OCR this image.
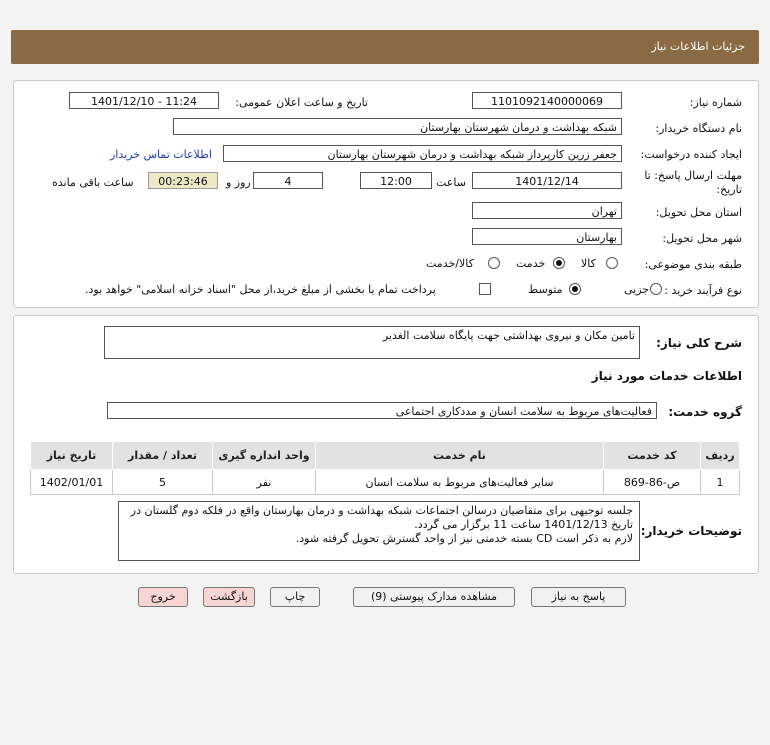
جزئیات اطلاعات نیاز
شماره نیاز:
1101092140000069
تاریخ و ساعت اعلان عمومی:
1401/12/10 - 11:24
نام دستگاه خریدار:
شبکه بهداشت و درمان شهرستان بهارستان
ایجاد کننده درخواست:
جعفر زرین کارپرداز شبکه بهداشت و درمان شهرستان بهارستان
اطلاعات تماس خریدار
مهلت ارسال پاسخ: تا
تاریخ:
1401/12/14
ساعت
12:00
4
روز و
00:23:46
ساعت باقی مانده
استان محل تحویل:
تهران
شهر محل تحویل:
بهارستان
طبقه بندی موضوعی:
کالا
خدمت
کالا/خدمت
نوع فرآیند خرید :
جزیی
متوسط
پرداخت تمام یا بخشی از مبلغ خرید،از محل "اسناد خزانه اسلامی" خواهد بود.
شرح کلی نیاز:
تامین مکان و نیروی بهداشتی جهت پایگاه سلامت الغدیر
اطلاعات خدمات مورد نیاز
گروه خدمت:
فعالیت‌های مربوط به سلامت انسان و مددکاری اجتماعی
ردیف	کد خدمت	نام خدمت	واحد اندازه گیری	تعداد / مقدار	تاریخ نیاز
1	ص-86-869	سایر فعالیت‌های مربوط به سلامت انسان	نفر	5	1402/01/01
توضیحات خریدار:
جلسه توجیهی برای متقاضیان درسالن اجتماعات شبکه بهداشت و درمان بهارستان واقع در فلکه دوم گلستان در تاریخ 1401/12/13 ساعت 11 برگزار می گردد.
لازم به ذکر است CD بسته خدمتی نیز از واحد گسترش تحویل گرفته شود.
پاسخ به نیاز
مشاهده مدارک پیوستی (9)
چاپ
بازگشت
خروج
